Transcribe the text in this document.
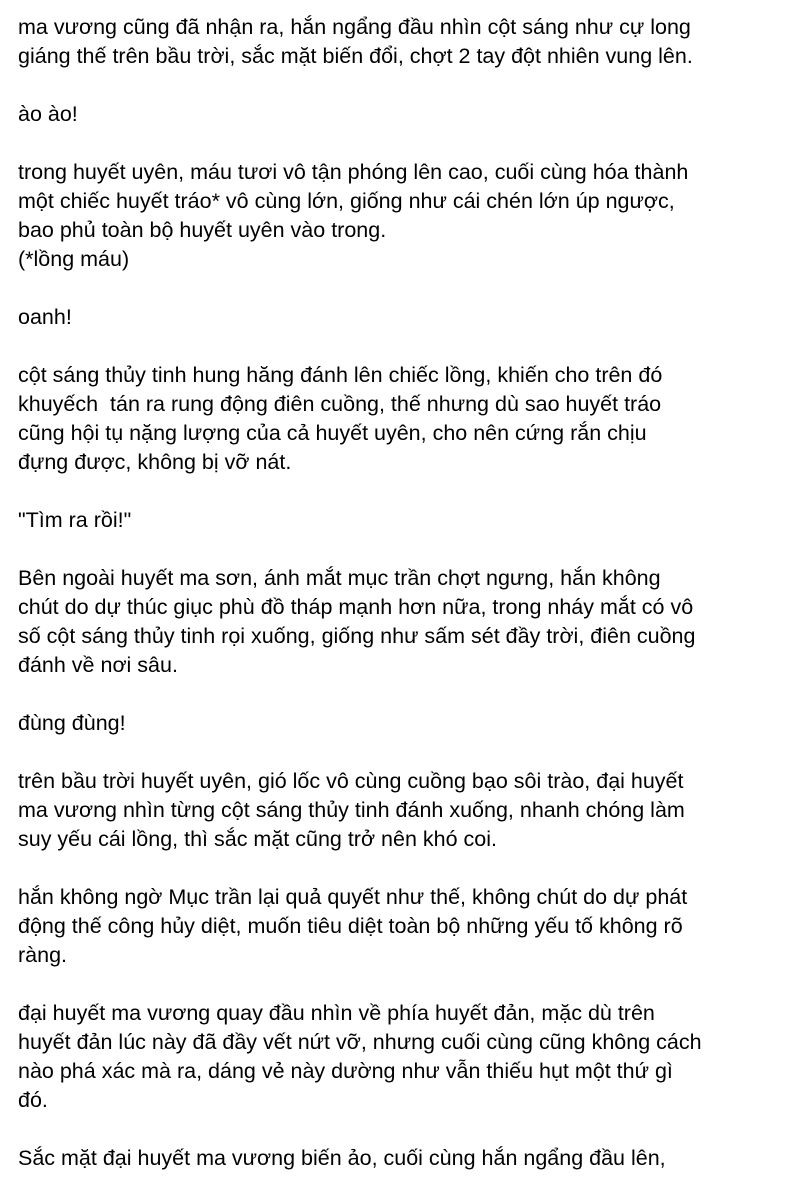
ma vương cũng đã nhận ra, hắn ngẩng đầu nhìn cột sáng như cự long
giáng thế trên bầu trời, sắc mặt biến đổi, chợt 2 tay đột nhiên vung lên.
ào ào!
trong huyết uyên, máu tươi vô tận phóng lên cao, cuối cùng hóa thành
một chiếc huyết tráo* vô cùng lớn, giống như cái chén lớn úp ngược,
bao phủ toàn bộ huyết uyên vào trong.
(*lồng máu)
oanh!
cột sáng thủy tinh hung hăng đánh lên chiếc lồng, khiến cho trên đó
khuyếch  tán ra rung động điên cuồng, thế nhưng dù sao huyết tráo
cũng hội tụ nặng lượng của cả huyết uyên, cho nên cứng rắn chịu
đựng được, không bị vỡ nát.
"Tìm ra rồi!"
Bên ngoài huyết ma sơn, ánh mắt mục trần chợt ngưng, hắn không
chút do dự thúc giục phù đồ tháp mạnh hơn nữa, trong nháy mắt có vô
số cột sáng thủy tinh rọi xuống, giống như sấm sét đầy trời, điên cuồng
đánh về nơi sâu.
đùng đùng!
trên bầu trời huyết uyên, gió lốc vô cùng cuồng bạo sôi trào, đại huyết
ma vương nhìn từng cột sáng thủy tinh đánh xuống, nhanh chóng làm
suy yếu cái lồng, thì sắc mặt cũng trở nên khó coi.
hắn không ngờ Mục trần lại quả quyết như thế, không chút do dự phát
động thế công hủy diệt, muốn tiêu diệt toàn bộ những yếu tố không rõ
ràng.
đại huyết ma vương quay đầu nhìn về phía huyết đản, mặc dù trên
huyết đản lúc này đã đầy vết nứt vỡ, nhưng cuối cùng cũng không cách
nào phá xác mà ra, dáng vẻ này dường như vẫn thiếu hụt một thứ gì
đó.
Sắc mặt đại huyết ma vương biến ảo, cuối cùng hắn ngẩng đầu lên,
